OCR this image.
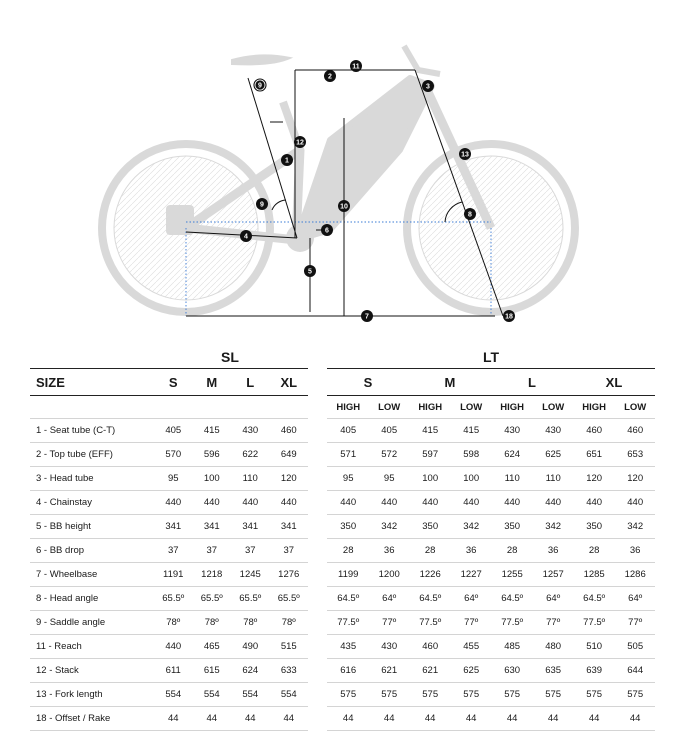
9
2
11
3
12
1
13
10
9
8
6
4
5
7	18
SL	LT
SIZE	S	M	L	XL

1 - Seat tube (C-T)	405	415	430	460
2 - Top tube (EFF)	570	596	622	649
3 - Head tube	95	100	110	120
4 - Chainstay	440	440	440	440
5 - BB height	341	341	341	341
6 - BB drop	37	37	37	37
7 - Wheelbase	1191	1218	1245	1276
8 - Head angle	65.5º	65.5º	65.5º	65.5º
9 - Saddle angle	78º	78º	78º	78º
11 - Reach	440	465	490	515
12 - Stack	611	615	624	633
13 - Fork length	554	554	554	554
18 - Offset / Rake	44	44	44	44
S		M		L		XL	
HIGH	LOW	HIGH	LOW	HIGH	LOW	HIGH	LOW
405	405	415	415	430	430	460	460
571	572	597	598	624	625	651	653
95	95	100	100	110	110	120	120
440	440	440	440	440	440	440	440
350	342	350	342	350	342	350	342
28	36	28	36	28	36	28	36
1199	1200	1226	1227	1255	1257	1285	1286
64.5º	64º	64.5º	64º	64.5º	64º	64.5º	64º
77.5º	77º	77.5º	77º	77.5º	77º	77.5º	77º
435	430	460	455	485	480	510	505
616	621	621	625	630	635	639	644
575	575	575	575	575	575	575	575
44	44	44	44	44	44	44	44
